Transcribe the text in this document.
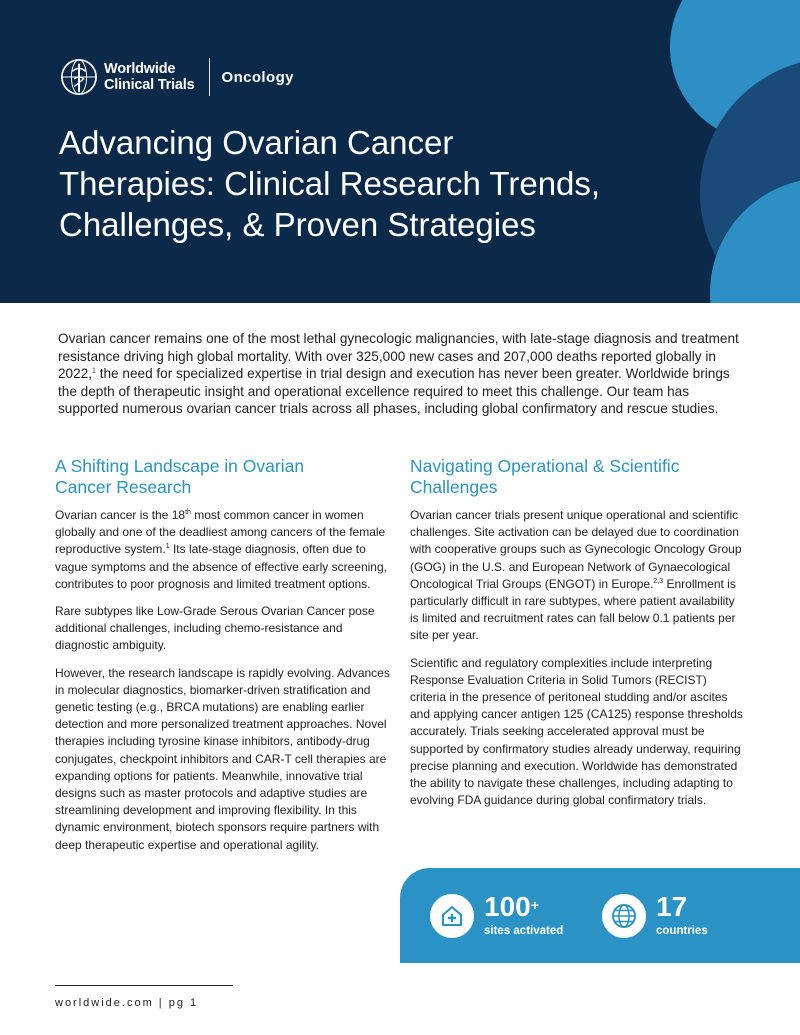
Worldwide
Clinical Trials Oncology
Advancing Ovarian Cancer
Therapies: Clinical Research Trends,
Challenges, & Proven Strategies

Ovarian cancer remains one of the most lethal gynecologic malignancies, with late-stage diagnosis and treatment resistance driving high global mortality. With over 325,000 new cases and 207,000 deaths reported globally in 2022,$^1$ the need for specialized expertise in trial design and execution has never been greater. Worldwide brings the depth of therapeutic insight and operational excellence required to meet this challenge. Our team has supported numerous ovarian cancer trials across all phases, including global confirmatory and rescue studies.

A Shifting Landscape in Ovarian Cancer Research

Ovarian cancer is the 18th most common cancer in women globally and one of the deadliest among cancers of the female reproductive system.$^1$ Its late-stage diagnosis, often due to vague symptoms and the absence of effective early screening, contributes to poor prognosis and limited treatment options.

Rare subtypes like Low-Grade Serous Ovarian Cancer pose additional challenges, including chemo-resistance and diagnostic ambiguity.

However, the research landscape is rapidly evolving. Advances in molecular diagnostics, biomarker-driven stratification and genetic testing (e.g., BRCA mutations) are enabling earlier detection and more personalized treatment approaches. Novel therapies including tyrosine kinase inhibitors, antibody-drug conjugates, checkpoint inhibitors and CAR-T cell therapies are expanding options for patients. Meanwhile, innovative trial designs such as master protocols and adaptive studies are streamlining development and improving flexibility. In this dynamic environment, biotech sponsors require partners with deep therapeutic expertise and operational agility.

Navigating Operational & Scientific Challenges

Ovarian cancer trials present unique operational and scientific challenges. Site activation can be delayed due to coordination with cooperative groups such as Gynecologic Oncology Group (GOG) in the U.S. and European Network of Gynaecological Oncological Trial Groups (ENGOT) in Europe.$^{2,3}$ Enrollment is particularly difficult in rare subtypes, where patient availability is limited and recruitment rates can fall below 0.1 patients per site per year.

Scientific and regulatory complexities include interpreting Response Evaluation Criteria in Solid Tumors (RECIST) criteria in the presence of peritoneal studding and/or ascites and applying cancer antigen 125 (CA125) response thresholds accurately. Trials seeking accelerated approval must be supported by confirmatory studies already underway, requiring precise planning and execution. Worldwide has demonstrated the ability to navigate these challenges, including adapting to evolving FDA guidance during global confirmatory trials.

100+
sites activated
17
countries
worldwide.com | pg 1
